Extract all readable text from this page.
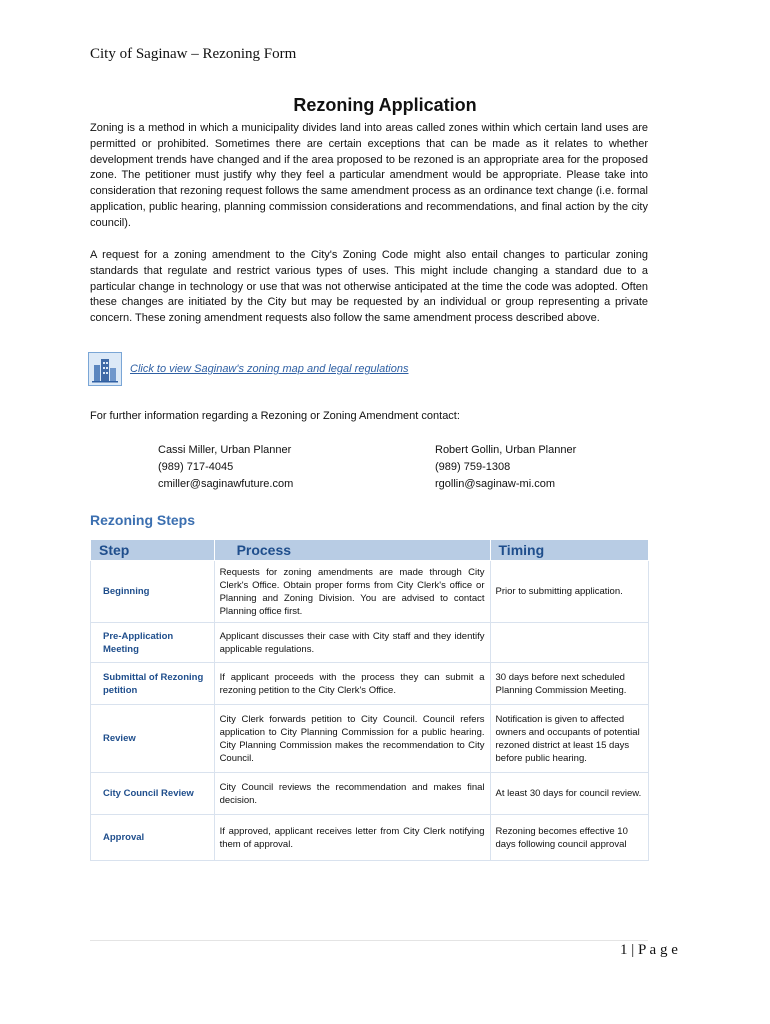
City of Saginaw – Rezoning Form
Rezoning Application

Zoning is a method in which a municipality divides land into areas called zones within which certain land uses are permitted or prohibited. Sometimes there are certain exceptions that can be made as it relates to whether development trends have changed and if the area proposed to be rezoned is an appropriate area for the proposed zone. The petitioner must justify why they feel a particular amendment would be appropriate. Please take into consideration that rezoning request follows the same amendment process as an ordinance text change (i.e. formal application, public hearing, planning commission considerations and recommendations, and final action by the city council).

A request for a zoning amendment to the City's Zoning Code might also entail changes to particular zoning standards that regulate and restrict various types of uses. This might include changing a standard due to a particular change in technology or use that was not otherwise anticipated at the time the code was adopted. Often these changes are initiated by the City but may be requested by an individual or group representing a private concern. These zoning amendment requests also follow the same amendment process described above.

Click to view Saginaw's zoning map and legal regulations
For further information regarding a Rezoning or Zoning Amendment contact:
Cassi Miller, Urban Planner
(989) 717-4045
cmiller@saginawfuture.com
Robert Gollin, Urban Planner
(989) 759-1308
rgollin@saginaw-mi.com
Rezoning Steps
Step	Process	Timing
Beginning	Requests for zoning amendments are made through City Clerk's Office. Obtain proper forms from City Clerk's office or Planning and Zoning Division. You are advised to contact Planning office first.	Prior to submitting application.
Pre-Application Meeting	Applicant discusses their case with City staff and they identify applicable regulations.	
Submittal of Rezoning petition	If applicant proceeds with the process they can submit a rezoning petition to the City Clerk's Office.	30 days before next scheduled Planning Commission Meeting.
Review	City Clerk forwards petition to City Council. Council refers application to City Planning Commission for a public hearing. City Planning Commission makes the recommendation to City Council.	Notification is given to affected owners and occupants of potential rezoned district at least 15 days before public hearing.
City Council Review	City Council reviews the recommendation and makes final decision.	At least 30 days for council review.
Approval	If approved, applicant receives letter from City Clerk notifying them of approval.	Rezoning becomes effective 10 days following council approval
1 | P a g e
